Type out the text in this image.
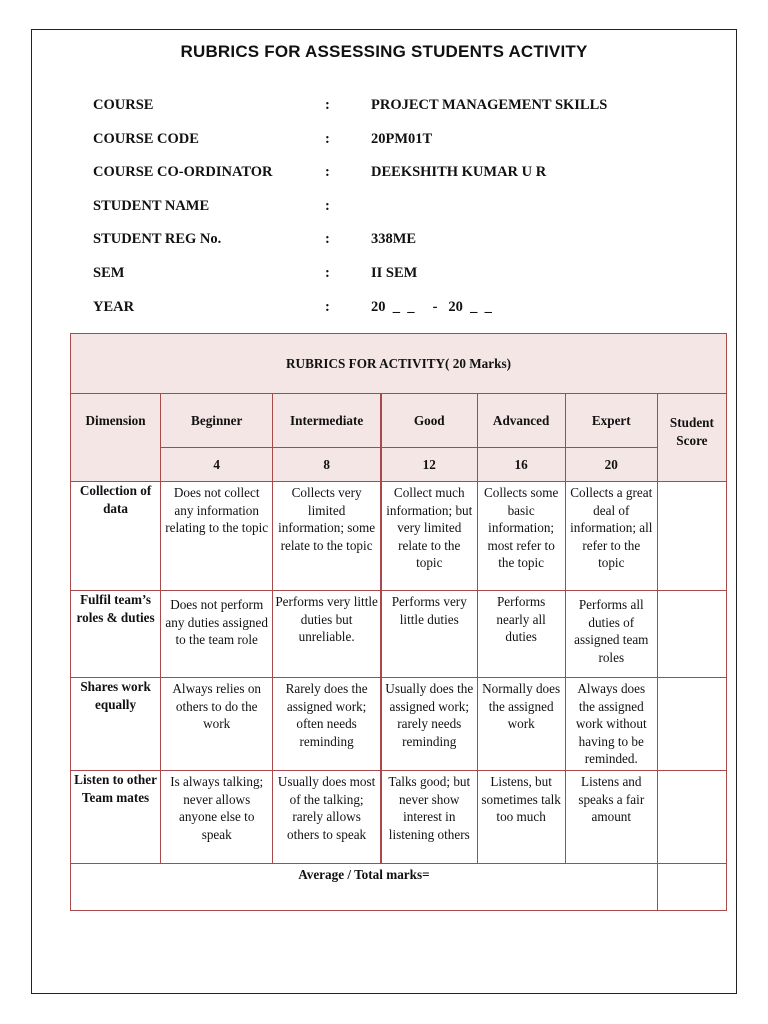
RUBRICS FOR ASSESSING STUDENTS ACTIVITY
COURSE	:	PROJECT MANAGEMENT SKILLS
COURSE CODE	:	20PM01T
COURSE CO-ORDINATOR	:	DEEKSHITH KUMAR U R
STUDENT NAME	:
STUDENT REG No.	:	338ME
SEM	:	II SEM
YEAR	:	20  _  _     -   20  _  _
RUBRICS FOR ACTIVITY( 20 Marks)						
Dimension	Beginner	Intermediate	Good	Advanced	Expert	Student Score
	4	8	12	16	20	
Collection of data	Does not collect any information relating to the topic	Collects very limited information; some relate to the topic	Collect much information; but very limited relate to the topic	Collects some basic information; most refer to the topic	Collects a great deal of information; all refer to the topic	
Fulfil team’s roles & duties	Does not perform any duties assigned to the team role	Performs very little duties but unreliable.	Performs very little duties	Performs nearly all duties	Performs all duties of assigned team roles	
Shares work equally	Always relies on others to do the work	Rarely does the assigned work; often needs reminding	Usually does the assigned work; rarely needs reminding	Normally does the assigned work	Always does the assigned work without having to be reminded.	
Listen to other Team mates	Is always talking; never allows anyone else to speak	Usually does most of the talking; rarely allows others to speak	Talks good; but never show interest in listening others	Listens, but sometimes talk too much	Listens and speaks a fair amount	
Average / Total marks=						
